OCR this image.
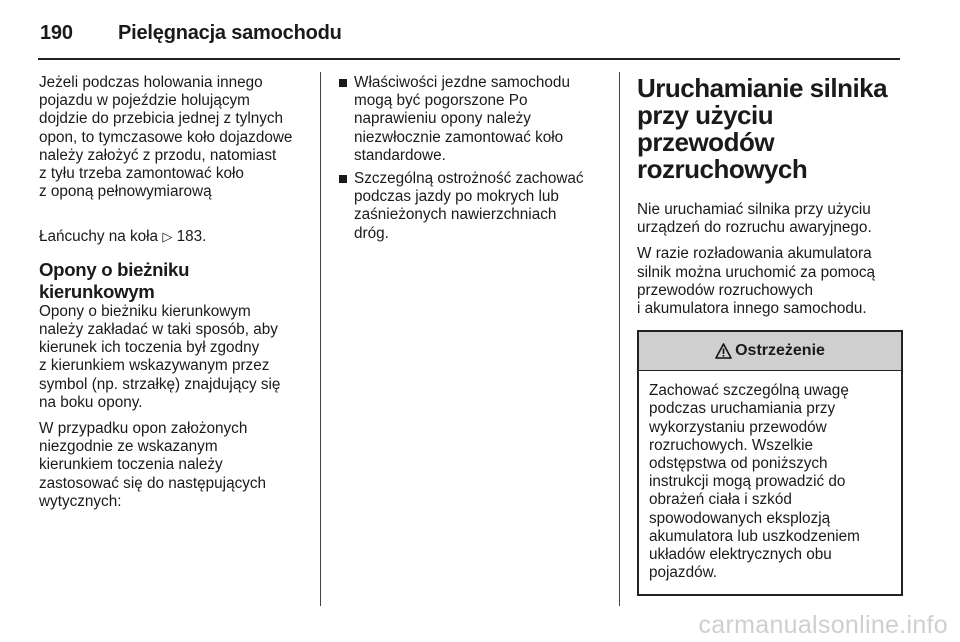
190	Pielęgnacja samochodu

Jeżeli podczas holowania innego
pojazdu w pojeździe holującym
dojdzie do przebicia jednej z tylnych
opon, to tymczasowe koło dojazdowe
należy założyć z przodu, natomiast
z tyłu trzeba zamontować koło
z oponą pełnowymiarową

Łańcuchy na koła ▷ 183.

Opony o bieżniku kierunkowym

Opony o bieżniku kierunkowym
należy zakładać w taki sposób, aby
kierunek ich toczenia był zgodny
z kierunkiem wskazywanym przez
symbol (np. strzałkę) znajdujący się
na boku opony.

W przypadku opon założonych
niezgodnie ze wskazanym
kierunkiem toczenia należy
zastosować się do następujących
wytycznych:

Właściwości jezdne samochodu
mogą być pogorszone Po
naprawieniu opony należy
niezwłocznie zamontować koło
standardowe.
Szczególną ostrożność zachować
podczas jazdy po mokrych lub
zaśnieżonych nawierzchniach
dróg.
Uruchamianie silnika
przy użyciu przewodów
rozruchowych

Nie uruchamiać silnika przy użyciu
urządzeń do rozruchu awaryjnego.

W razie rozładowania akumulatora
silnik można uruchomić za pomocą
przewodów rozruchowych
i akumulatora innego samochodu.

Ostrzeżenie
Zachować szczególną uwagę
podczas uruchamiania przy
wykorzystaniu przewodów
rozruchowych. Wszelkie
odstępstwa od poniższych
instrukcji mogą prowadzić do
obrażeń ciała i szkód
spowodowanych eksplozją
akumulatora lub uszkodzeniem
układów elektrycznych obu
pojazdów.
carmanualsonline.info
